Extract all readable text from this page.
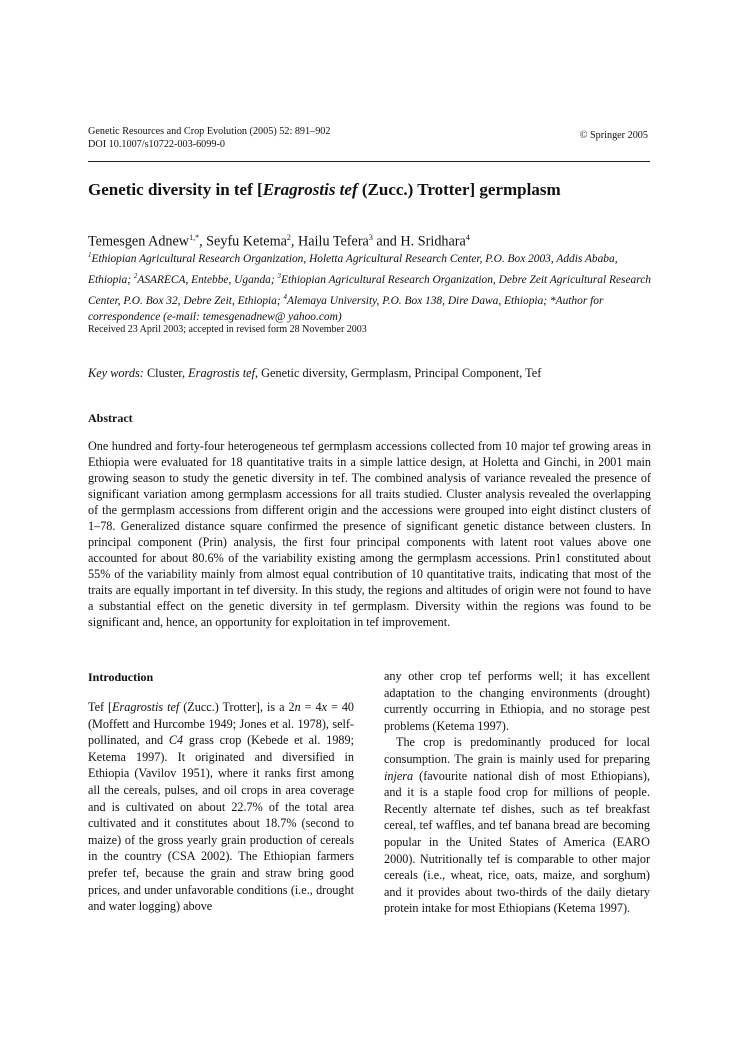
Genetic Resources and Crop Evolution (2005) 52: 891–902
DOI 10.1007/s10722-003-6099-0
© Springer 2005
Genetic diversity in tef [Eragrostis tef (Zucc.) Trotter] germplasm
Temesgen Adnew$^{1,*}$, Seyfu Ketema$^2$, Hailu Tefera$^3$ and H. Sridhara$^4$
$^1$Ethiopian Agricultural Research Organization, Holetta Agricultural Research Center, P.O. Box 2003, Addis Ababa, Ethiopia; $^2$ASARECA, Entebbe, Uganda; $^3$Ethiopian Agricultural Research Organization, Debre Zeit Agricultural Research Center, P.O. Box 32, Debre Zeit, Ethiopia; $^4$Alemaya University, P.O. Box 138, Dire Dawa, Ethiopia; *Author for correspondence (e-mail: temesgenadnew@ yahoo.com)
Received 23 April 2003; accepted in revised form 28 November 2003
Key words: Cluster, Eragrostis tef, Genetic diversity, Germplasm, Principal Component, Tef
Abstract
One hundred and forty-four heterogeneous tef germplasm accessions collected from 10 major tef growing areas in Ethiopia were evaluated for 18 quantitative traits in a simple lattice design, at Holetta and Ginchi, in 2001 main growing season to study the genetic diversity in tef. The combined analysis of variance revealed the presence of significant variation among germplasm accessions for all traits studied. Cluster analysis revealed the overlapping of the germplasm accessions from different origin and the accessions were grouped into eight distinct clusters of 1–78. Generalized distance square confirmed the presence of significant genetic distance between clusters. In principal component (Prin) analysis, the first four principal components with latent root values above one accounted for about 80.6% of the variability existing among the germplasm accessions. Prin1 constituted about 55% of the variability mainly from almost equal contribution of 10 quantitative traits, indicating that most of the traits are equally important in tef diversity. In this study, the regions and altitudes of origin were not found to have a substantial effect on the genetic diversity in tef germplasm. Diversity within the regions was found to be significant and, hence, an opportunity for exploitation in tef improvement.
Introduction

Tef [Eragrostis tef (Zucc.) Trotter], is a 2n = 4x = 40 (Moffett and Hurcombe 1949; Jones et al. 1978), self-pollinated, and C4 grass crop (Kebede et al. 1989; Ketema 1997). It originated and diversified in Ethiopia (Vavilov 1951), where it ranks first among all the cereals, pulses, and oil crops in area coverage and is cultivated on about 22.7% of the total area cultivated and it constitutes about 18.7% (second to maize) of the gross yearly grain production of cereals in the country (CSA 2002). The Ethiopian farmers prefer tef, because the grain and straw bring good prices, and under unfavorable conditions (i.e., drought and water logging) above

any other crop tef performs well; it has excellent adaptation to the changing environments (drought) currently occurring in Ethiopia, and no storage pest problems (Ketema 1997).

The crop is predominantly produced for local consumption. The grain is mainly used for preparing injera (favourite national dish of most Ethiopians), and it is a staple food crop for millions of people. Recently alternate tef dishes, such as tef breakfast cereal, tef waffles, and tef banana bread are becoming popular in the United States of America (EARO 2000). Nutritionally tef is comparable to other major cereals (i.e., wheat, rice, oats, maize, and sorghum) and it provides about two-thirds of the daily dietary protein intake for most Ethiopians (Ketema 1997).
